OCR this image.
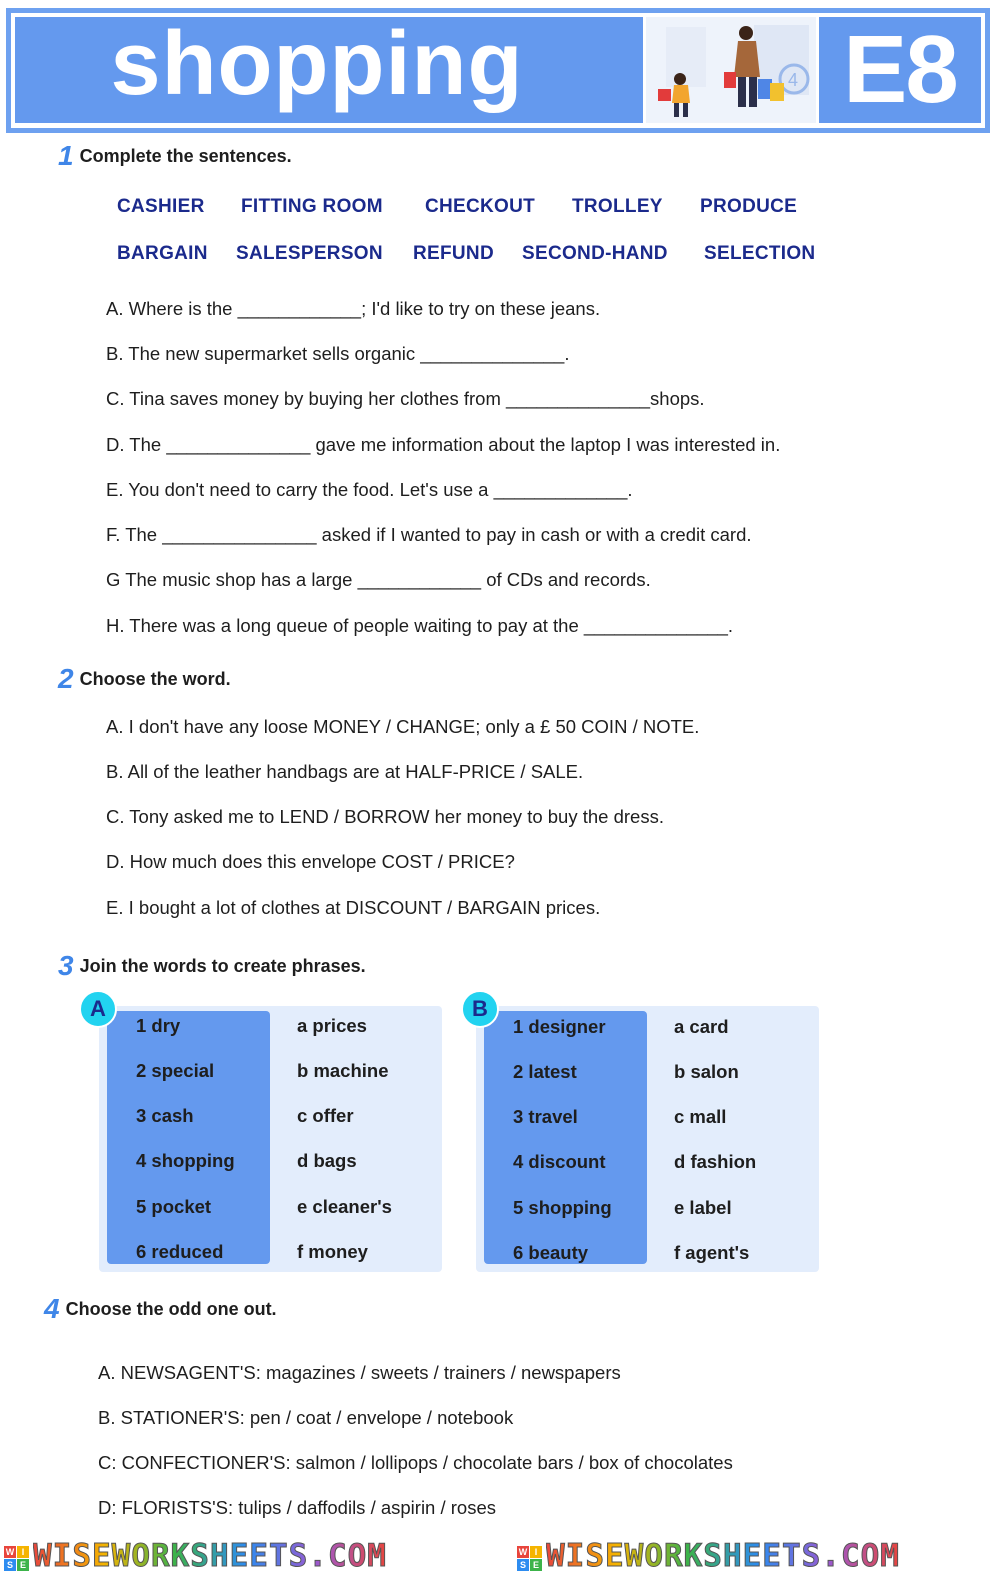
shopping	4 E8
1 Complete the sentences.
CASHIER FITTING ROOM CHECKOUT TROLLEY PRODUCE
BARGAIN SALESPERSON REFUND SECOND-HAND SELECTION
A. Where is the ____________; I'd like to try on these jeans.
B. The new supermarket sells organic ______________.
C. Tina saves money by buying her clothes from ______________shops.
D. The ______________ gave me information about the laptop I was interested in.
E. You don't need to carry the food. Let's use a _____________.
F. The _______________ asked if I wanted to pay in cash or with a credit card.
G The music shop has a large ____________ of CDs and records.
H. There was a long queue of people waiting to pay at the ______________.
2 Choose the word.
A. I don't have any loose MONEY / CHANGE; only a £ 50 COIN / NOTE.
B. All of the leather handbags are at HALF-PRICE / SALE.
C. Tony asked me to LEND / BORROW her money to buy the dress.
D. How much does this envelope COST / PRICE?
E. I bought a lot of clothes at DISCOUNT / BARGAIN prices.
3 Join the words to create phrases.
A
1 dry
2 special
3 cash
4 shopping
5 pocket
6 reduced
a prices
b machine
c offer
d bags
e cleaner's
f money
B
1 designer
2 latest
3 travel
4 discount
5 shopping
6 beauty
a card
b salon
c mall
d fashion
e label
f agent's
4 Choose the odd one out.
A. NEWSAGENT'S: magazines / sweets / trainers / newspapers
B. STATIONER'S: pen / coat / envelope / notebook
C: CONFECTIONER'S: salmon / lollipops / chocolate bars / box of chocolates
D: FLORISTS'S: tulips / daffodils / aspirin / roses
W I
S E WISEWORKSHEETS.COM	W I
S E WISEWORKSHEETS.COM
